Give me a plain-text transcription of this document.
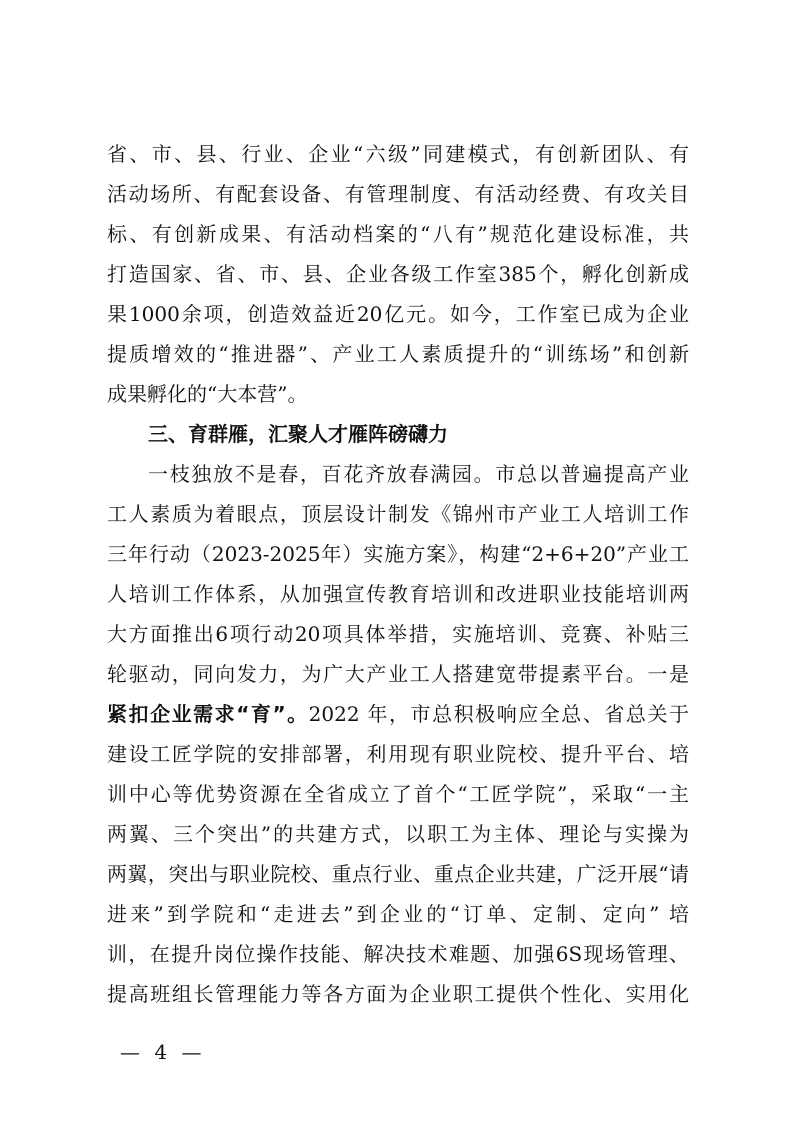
省、市、县、行业、企业“六级”同建模式，有创新团队、有
活动场所、有配套设备、有管理制度、有活动经费、有攻关目
标、有创新成果、有活动档案的“八有”规范化建设标准，共
打造国家、省、市、县、企业各级工作室385个，孵化创新成
果1000余项，创造效益近20亿元。如今，工作室已成为企业
提质增效的“推进器”、产业工人素质提升的“训练场”和创新
成果孵化的“大本营”。
三、育群雁，汇聚人才雁阵磅礴力
一枝独放不是春，百花齐放春满园。市总以普遍提高产业
工人素质为着眼点，顶层设计制发《锦州市产业工人培训工作
三年行动（2023-2025年）实施方案》，构建“2+6+20”产业工
人培训工作体系，从加强宣传教育培训和改进职业技能培训两
大方面推出6项行动20项具体举措，实施培训、竞赛、补贴三
轮驱动，同向发力，为广大产业工人搭建宽带提素平台。一是
紧扣企业需求“育”。2022 年，市总积极响应全总、省总关于
建设工匠学院的安排部署，利用现有职业院校、提升平台、培
训中心等优势资源在全省成立了首个“工匠学院”，采取“一主
两翼、三个突出”的共建方式，以职工为主体、理论与实操为
两翼，突出与职业院校、重点行业、重点企业共建，广泛开展“请
进来”到学院和“走进去”到企业的“订单、定制、定向” 培
训，在提升岗位操作技能、解决技术难题、加强6S现场管理、
提高班组长管理能力等各方面为企业职工提供个性化、实用化
— 4 —
